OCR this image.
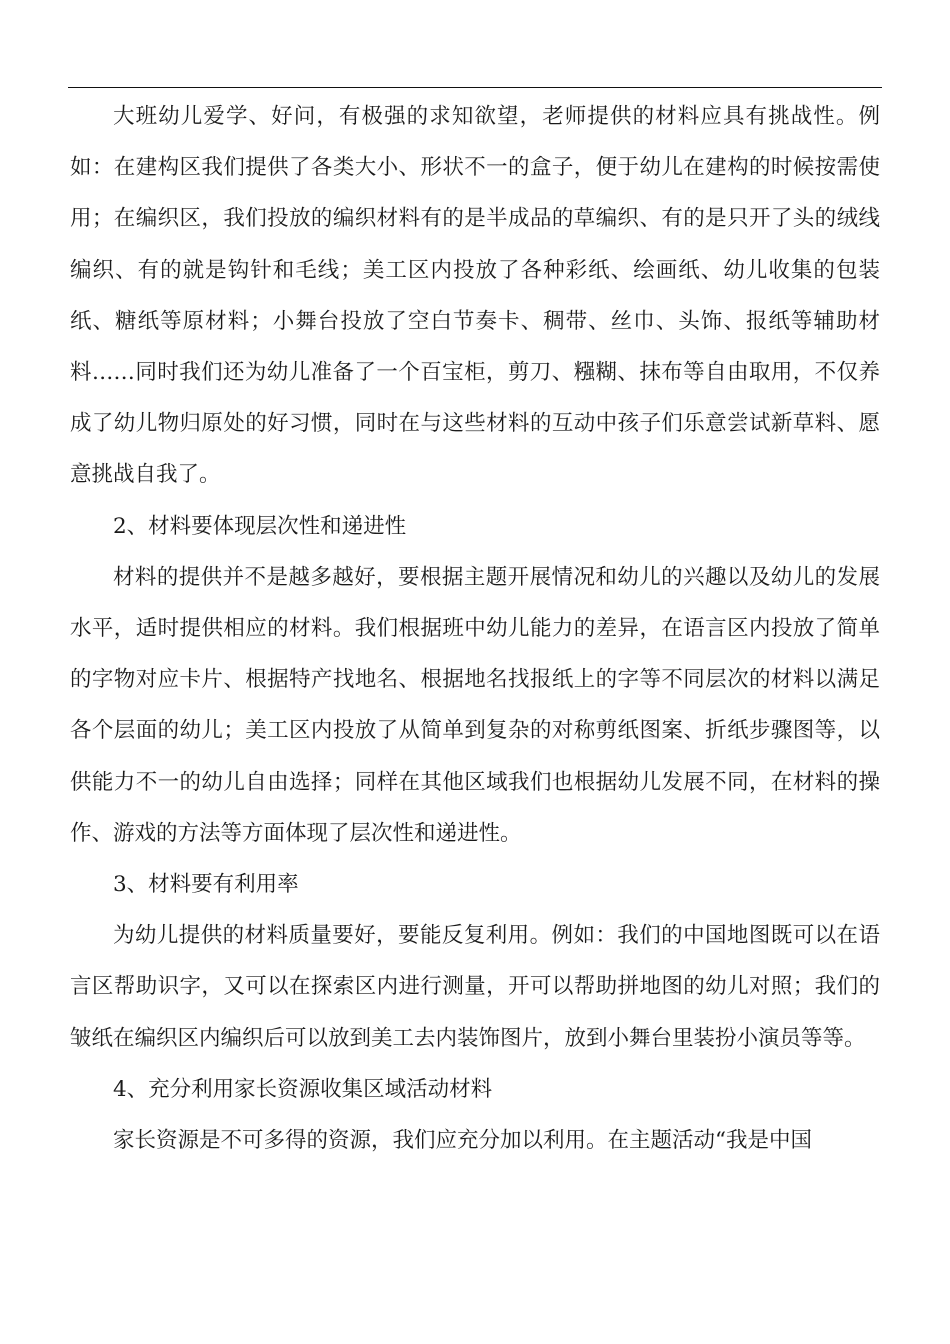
大班幼儿爱学、好问，有极强的求知欲望，老师提供的材料应具有挑战性。例如：在建构区我们提供了各类大小、形状不一的盒子，便于幼儿在建构的时候按需使用；在编织区，我们投放的编织材料有的是半成品的草编织、有的是只开了头的绒线编织、有的就是钩针和毛线；美工区内投放了各种彩纸、绘画纸、幼儿收集的包装纸、糖纸等原材料；小舞台投放了空白节奏卡、稠带、丝巾、头饰、报纸等辅助材料……同时我们还为幼儿准备了一个百宝柜，剪刀、糨糊、抹布等自由取用，不仅养成了幼儿物归原处的好习惯，同时在与这些材料的互动中孩子们乐意尝试新草料、愿意挑战自我了。

2、材料要体现层次性和递进性

材料的提供并不是越多越好，要根据主题开展情况和幼儿的兴趣以及幼儿的发展水平，适时提供相应的材料。我们根据班中幼儿能力的差异，在语言区内投放了简单的字物对应卡片、根据特产找地名、根据地名找报纸上的字等不同层次的材料以满足各个层面的幼儿；美工区内投放了从简单到复杂的对称剪纸图案、折纸步骤图等，以供能力不一的幼儿自由选择；同样在其他区域我们也根据幼儿发展不同，在材料的操作、游戏的方法等方面体现了层次性和递进性。

3、材料要有利用率

为幼儿提供的材料质量要好，要能反复利用。例如：我们的中国地图既可以在语言区帮助识字，又可以在探索区内进行测量，开可以帮助拼地图的幼儿对照；我们的皱纸在编织区内编织后可以放到美工去内装饰图片，放到小舞台里装扮小演员等等。

4、充分利用家长资源收集区域活动材料

家长资源是不可多得的资源，我们应充分加以利用。在主题活动“我是中国
